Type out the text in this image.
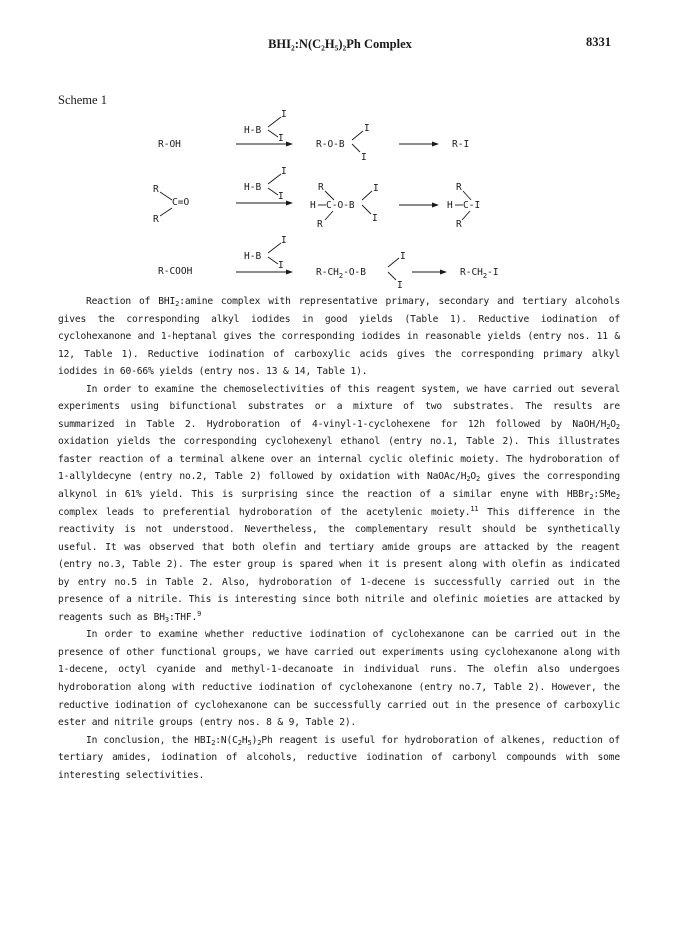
BHI₂:N(C₂H₅)₂Ph Complex	8331
Scheme 1
R-OH
H-B
I
I
R-O-B
I
I
R-I
R
C=O
R
H-B
I
I
R
H C-O-B
R
I
I
R
H C-I
R
R-COOH
H-B
I
I
$R-CH_2-O-B$
I
I
$R-CH_2-I$

Reaction of $BHI_2:amine$ complex with representative primary, secondary and tertiary alcohols gives the corresponding alkyl iodides in good yields (Table 1). Reductive iodination of cyclohexanone and 1-heptanal gives the corresponding iodides in reasonable yields (entry nos. 11 & 12, Table 1). Reductive iodination of carboxylic acids gives the corresponding primary alkyl iodides in 60-66% yields (entry nos. 13 & 14, Table 1).

In order to examine the chemoselectivities of this reagent system, we have carried out several experiments using bifunctional substrates or a mixture of two substrates. The results are summarized in Table 2. Hydroboration of 4-vinyl-1-cyclohexene for 12h followed by NaOH/$H_2O_2$ oxidation yields the corresponding cyclohexenyl ethanol (entry no.1, Table 2). This illustrates faster reaction of a terminal alkene over an internal cyclic olefinic moiety. The hydroboration of 1-allyldecyne (entry no.2, Table 2) followed by oxidation with NaOAc/$H_2O_2$ gives the corresponding alkynol in 61% yield. This is surprising since the reaction of a similar enyne with HBBr$_2$:SMe$_2$ complex leads to preferential hydroboration of the acetylenic moiety.$^{11}$ This difference in the reactivity is not understood. Nevertheless, the complementary result should be synthetically useful. It was observed that both olefin and tertiary amide groups are attacked by the reagent (entry no.3, Table 2). The ester group is spared when it is present along with olefin as indicated by entry no.5 in Table 2. Also, hydroboration of 1-decene is successfully carried out in the presence of a nitrile. This is interesting since both nitrile and olefinic moieties are attacked by reagents such as $BH_3:THF.^9$

In order to examine whether reductive iodination of cyclohexanone can be carried out in the presence of other functional groups, we have carried out experiments using cyclohexanone along with 1-decene, octyl cyanide and methyl-1-decanoate in individual runs. The olefin also undergoes hydroboration along with reductive iodination of cyclohexanone (entry no.7, Table 2). However, the reductive iodination of cyclohexanone can be successfully carried out in the presence of carboxylic ester and nitrile groups (entry nos. 8 & 9, Table 2).

In conclusion, the $HBI_2:N(C_2H_5)_2Ph$ reagent is useful for hydroboration of alkenes, reduction of tertiary amides, iodination of alcohols, reductive iodination of carbonyl compounds with some interesting selectivities.
